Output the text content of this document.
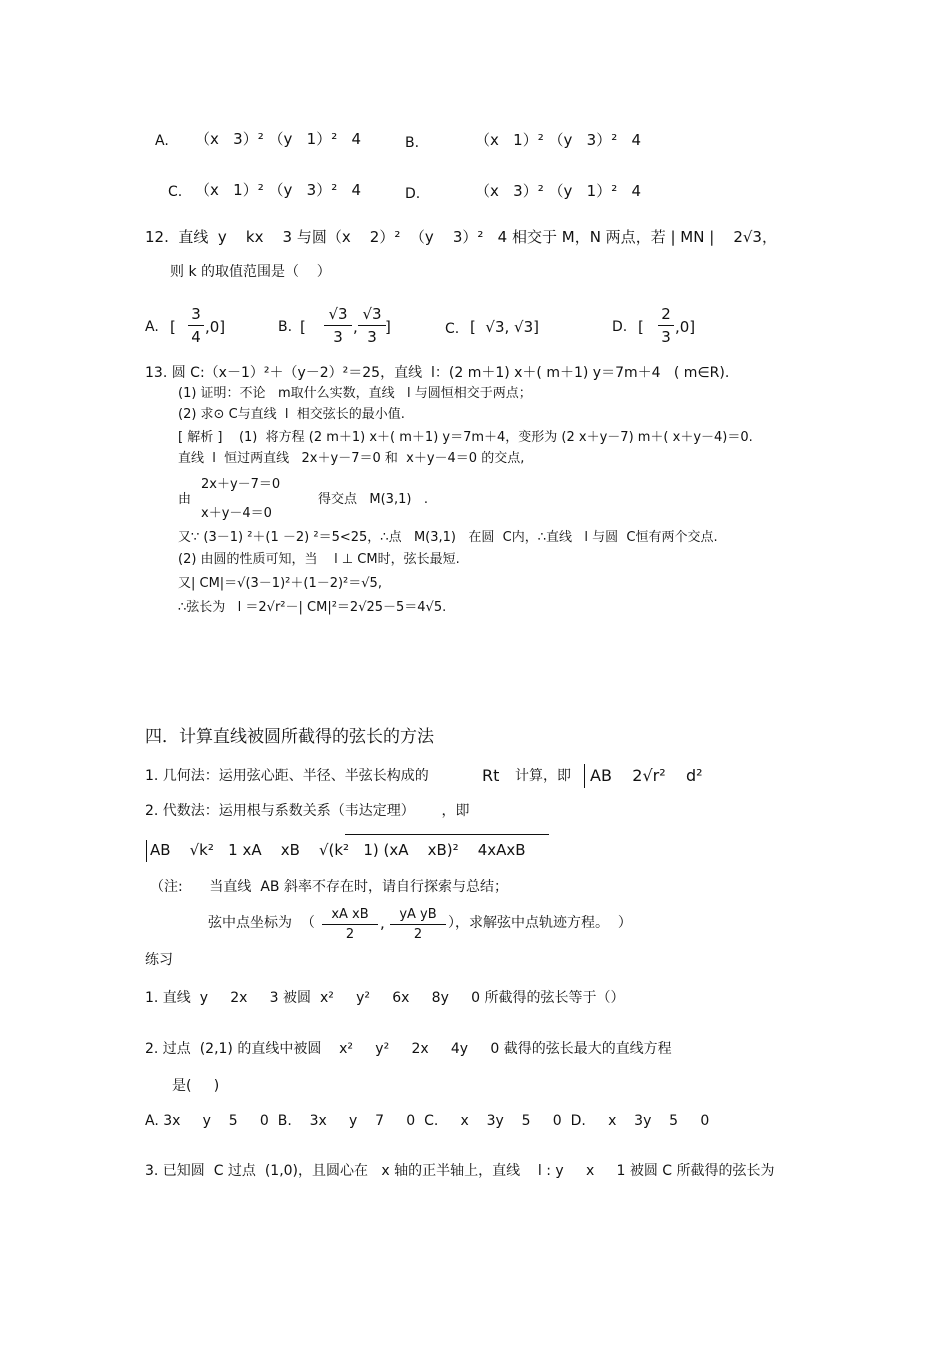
A. （x   3）² （y   1）²   4	B.	（x   1）² （y   3）²   4
C. （x   1）² （y   3）²   4	D.	（x   3）² （y   1）²   4
12.  直线  y    kx    3 与圆（x    2）²  （y    3）²   4 相交于 M，N 两点，若 | MN |    2√3，
则 k 的取值范围是（    ）
A. [
3
4
,0]	B. [
√3
3
,
√3
3
]	C. [  √3, √3]	D. [
2
3
,0]
13. 圆 C:（x－1）²＋（y－2）²＝25，直线  l：(2 m＋1) x＋( m＋1) y＝7m＋4   ( m∈R).
(1) 证明：不论   m取什么实数，直线   l 与圆恒相交于两点；
(2) 求⊙ C与直线  l  相交弦长的最小值.
[ 解析 ]    (1)  将方程 (2 m＋1) x＋( m＋1) y＝7m＋4，变形为 (2 x＋y－7) m＋( x＋y－4)＝0.
直线  l  恒过两直线   2x＋y－7＝0 和  x＋y－4＝0 的交点,
由
2x＋y－7＝0
x＋y－4＝0
得交点   M(3,1)   .
又∵ (3－1) ²＋(1 －2) ²＝5<25，∴点   M(3,1)   在圆  C内，∴直线   l 与圆  C恒有两个交点.
(2) 由圆的性质可知，当    l ⊥ CM时，弦长最短.
又| CM|＝√(3－1)²＋(1－2)²＝√5,
∴弦长为   l ＝2√r²－| CM|²＝2√25－5＝4√5.
四．计算直线被圆所截得的弦长的方法
1. 几何法：运用弦心距、半径、半弦长构成的	Rt 计算，即 AB    2√r²    d²
2. 代数法：运用根与系数关系（韦达定理）      ，即
AB    √k²   1 xA    xB    √(k²   1) (xA    xB)²    4xAxB
（注:      当直线  AB 斜率不存在时，请自行探索与总结；
弦中点坐标为  （
xA xB
2
,	yA yB
2
），求解弦中点轨迹方程。  ）
练习
1. 直线  y     2x     3 被圆  x²     y²     6x     8y     0 所截得的弦长等于（）
2. 过点  (2,1) 的直线中被圆    x²     y²     2x     4y     0 截得的弦长最大的直线方程
是(     )
A. 3x     y    5     0  B.    3x     y    7     0  C.     x    3y    5     0  D.     x    3y    5     0
3. 已知圆  C 过点  (1,0)，且圆心在   x 轴的正半轴上，直线    l : y     x     1 被圆 C 所截得的弦长为
